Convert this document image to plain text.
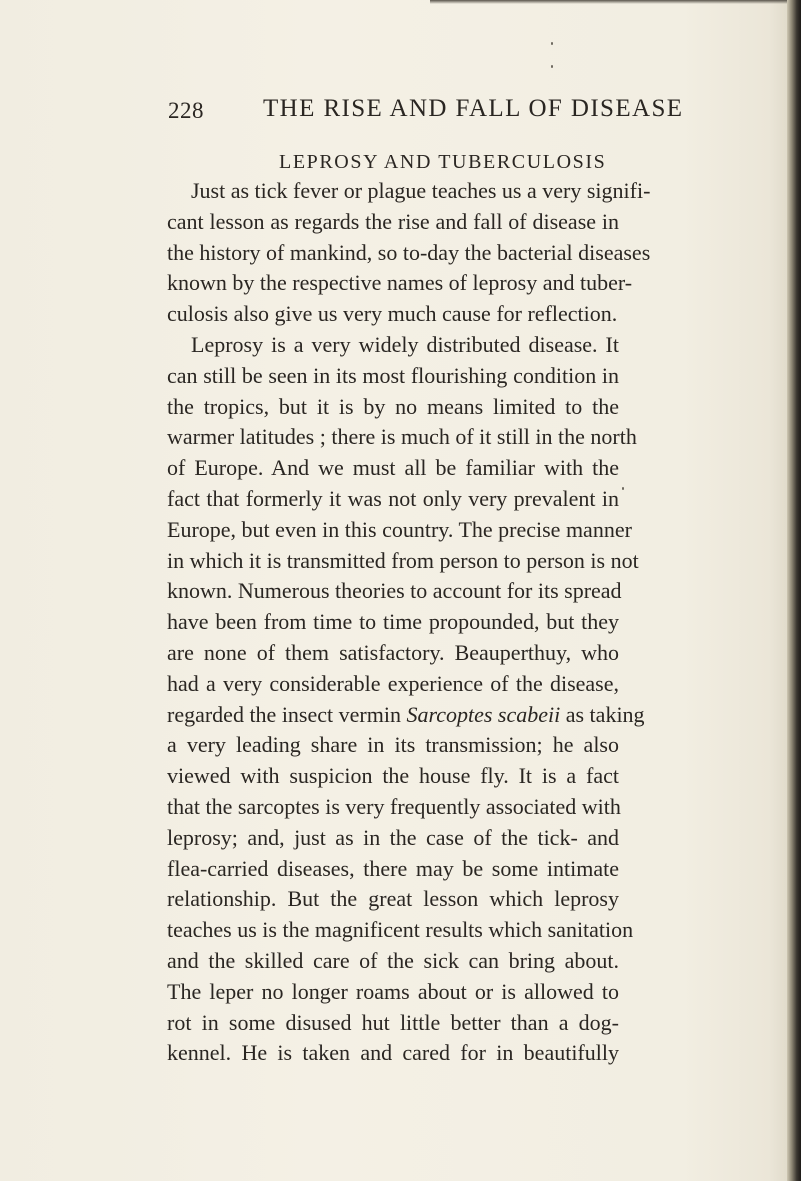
228 THE RISE AND FALL OF DISEASE
LEPROSY AND TUBERCULOSIS
Just as tick fever or plague teaches us a very signifi-
cant lesson as regards the rise and fall of disease in
the history of mankind, so to-day the bacterial diseases
known by the respective names of leprosy and tuber-
culosis also give us very much cause for reflection.
Leprosy is a very widely distributed disease. It
can still be seen in its most flourishing condition in
the tropics, but it is by no means limited to the
warmer latitudes ; there is much of it still in the north
of Europe. And we must all be familiar with the
fact that formerly it was not only very prevalent in
Europe, but even in this country. The precise manner
in which it is transmitted from person to person is not
known. Numerous theories to account for its spread
have been from time to time propounded, but they
are none of them satisfactory. Beauperthuy, who
had a very considerable experience of the disease,
regarded the insect vermin Sarcoptes scabeii as taking
a very leading share in its transmission; he also
viewed with suspicion the house fly. It is a fact
that the sarcoptes is very frequently associated with
leprosy; and, just as in the case of the tick- and
flea-carried diseases, there may be some intimate
relationship. But the great lesson which leprosy
teaches us is the magnificent results which sanitation
and the skilled care of the sick can bring about.
The leper no longer roams about or is allowed to
rot in some disused hut little better than a dog-
kennel. He is taken and cared for in beautifully
